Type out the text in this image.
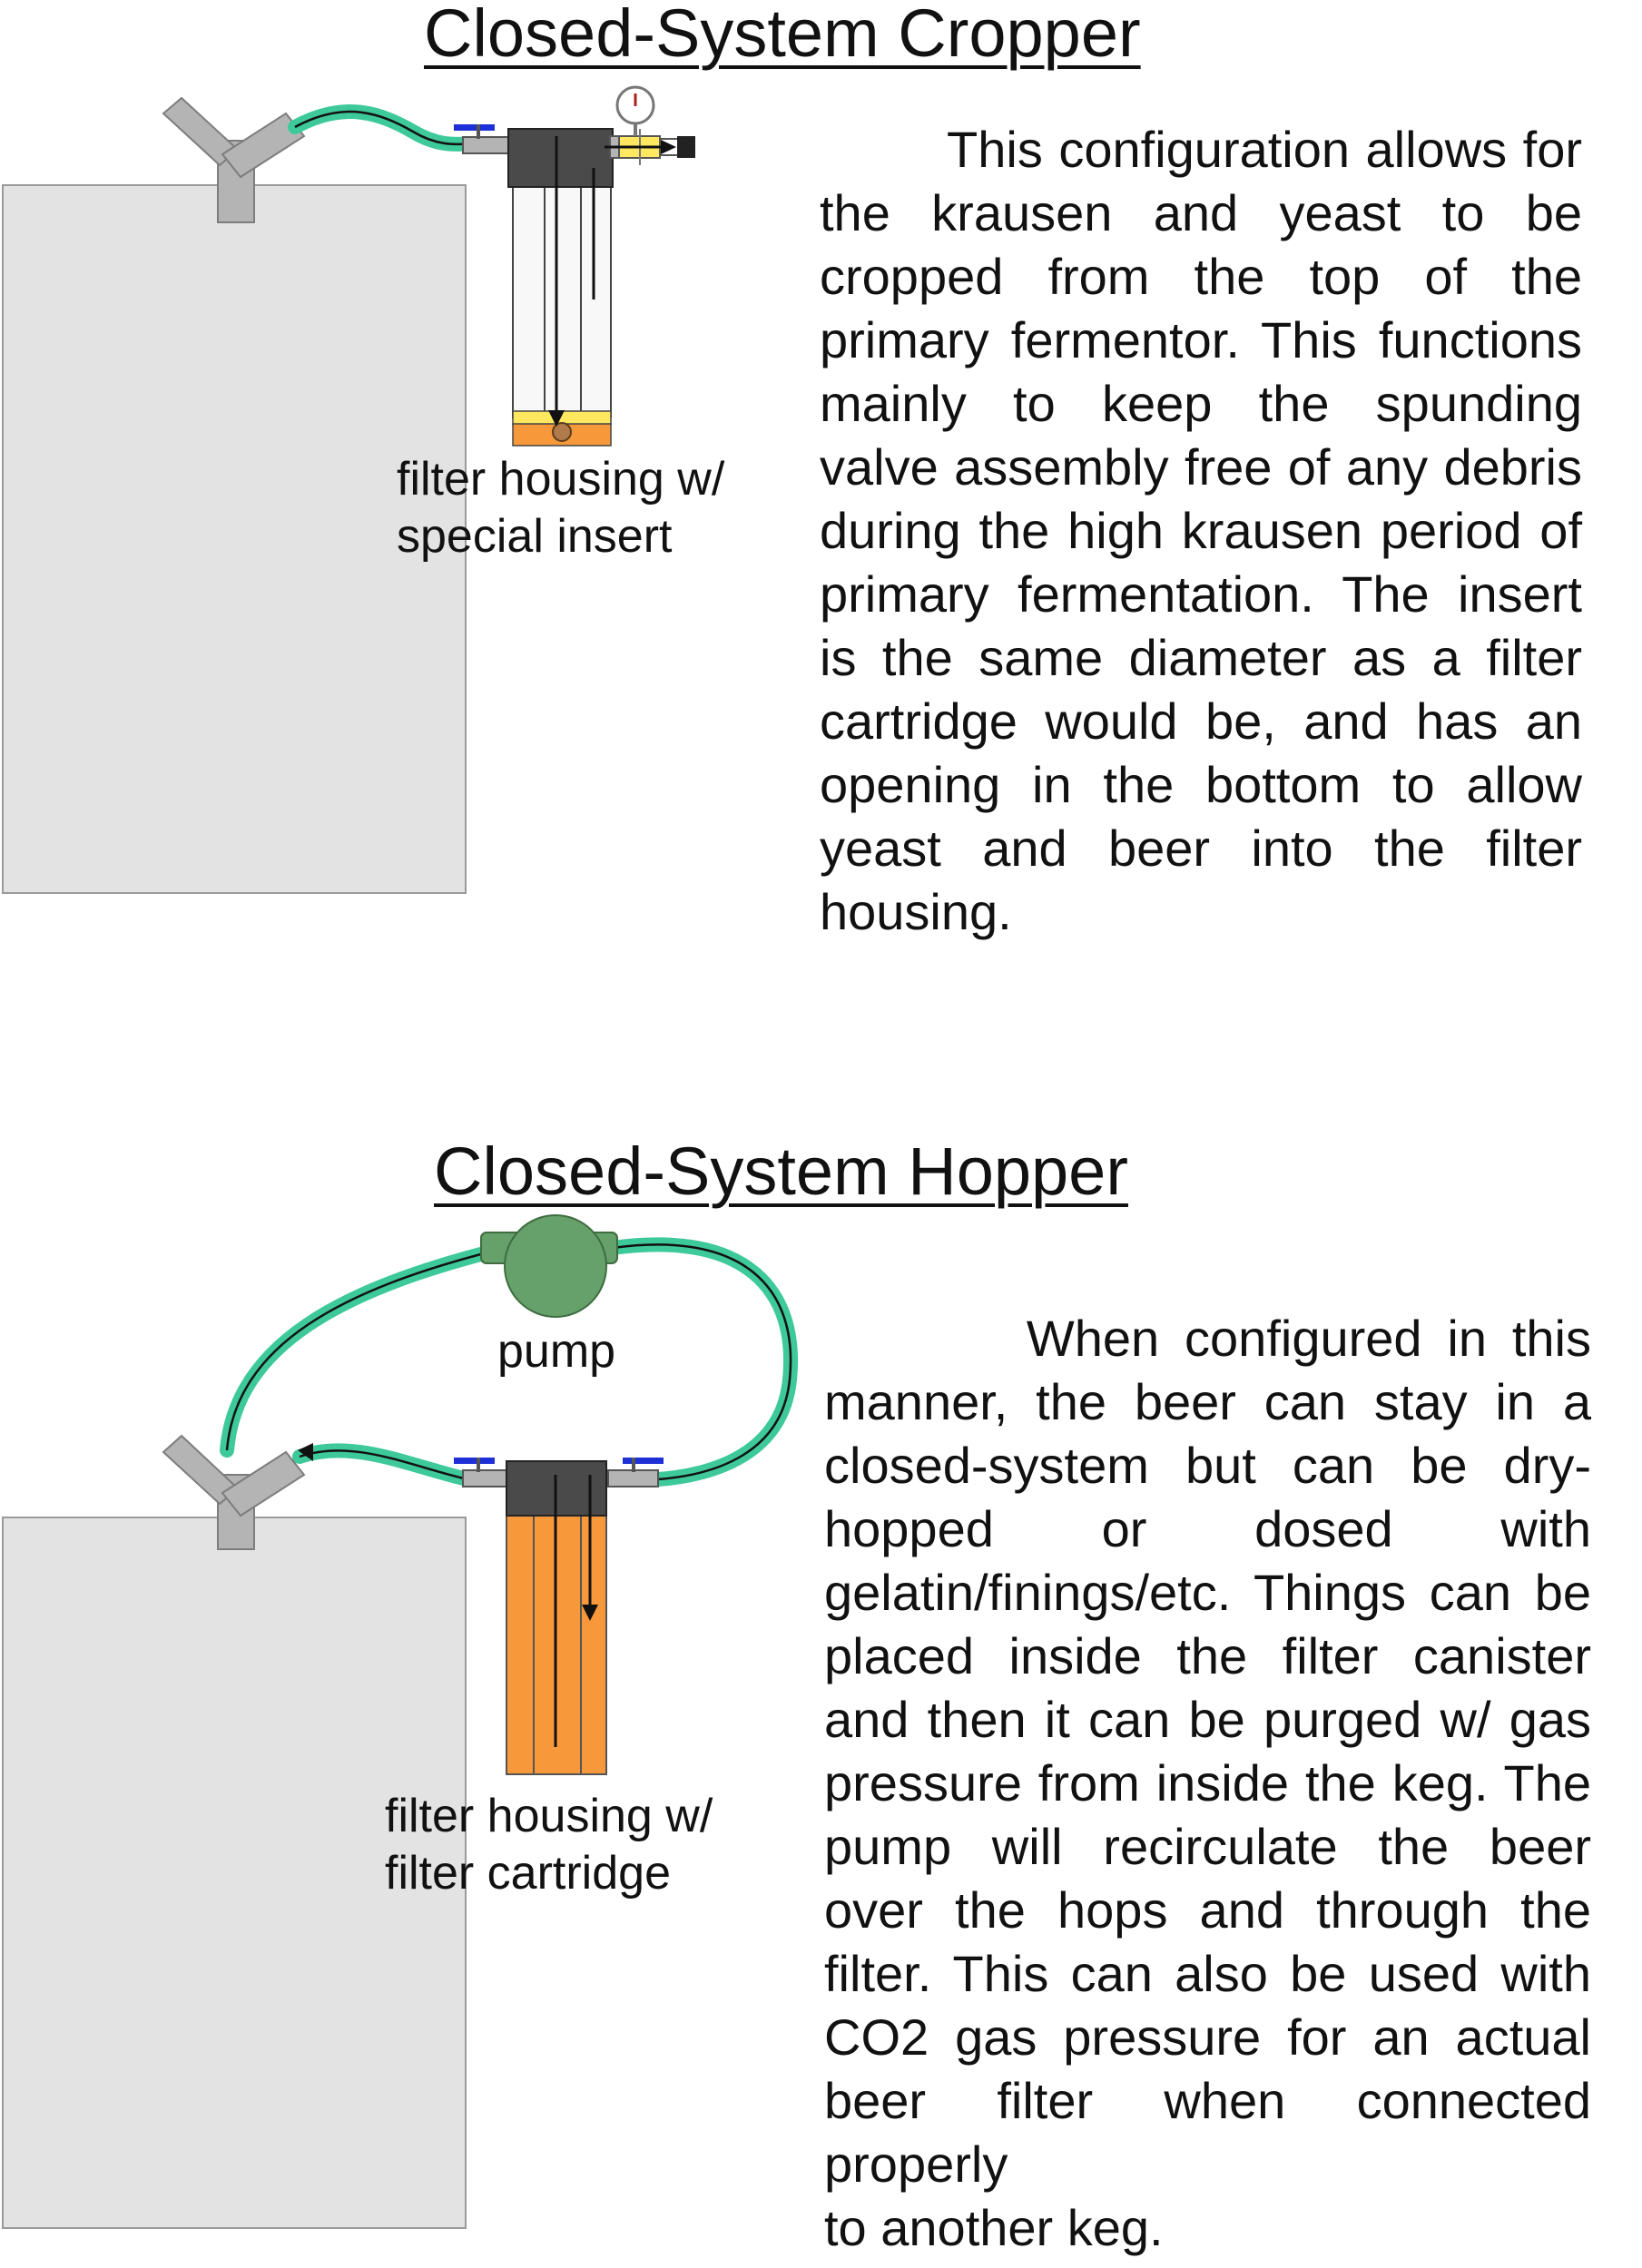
Closed-System Cropper

filter housing w/
special insert

This configuration allows for the krausen and yeast to be cropped from the top of the primary fermentor. This functions mainly to keep the spunding valve assembly free of any debris during the high krausen period of primary fermentation. The insert is the same diameter as a filter cartridge would be, and has an opening in the bottom to allow yeast and beer into the filter
housing.

Closed-System Hopper

pump

filter housing w/
filter cartridge

When configured in this manner, the beer can stay in a closed-system but can be dry-hopped or dosed with gelatin/finings/etc. Things can be placed inside the filter canister and then it can be purged w/ gas pressure from inside the keg. The pump will recirculate the beer over the hops and through the filter. This can also be used with CO2 gas pressure for an actual beer filter when connected properly
to another keg.
